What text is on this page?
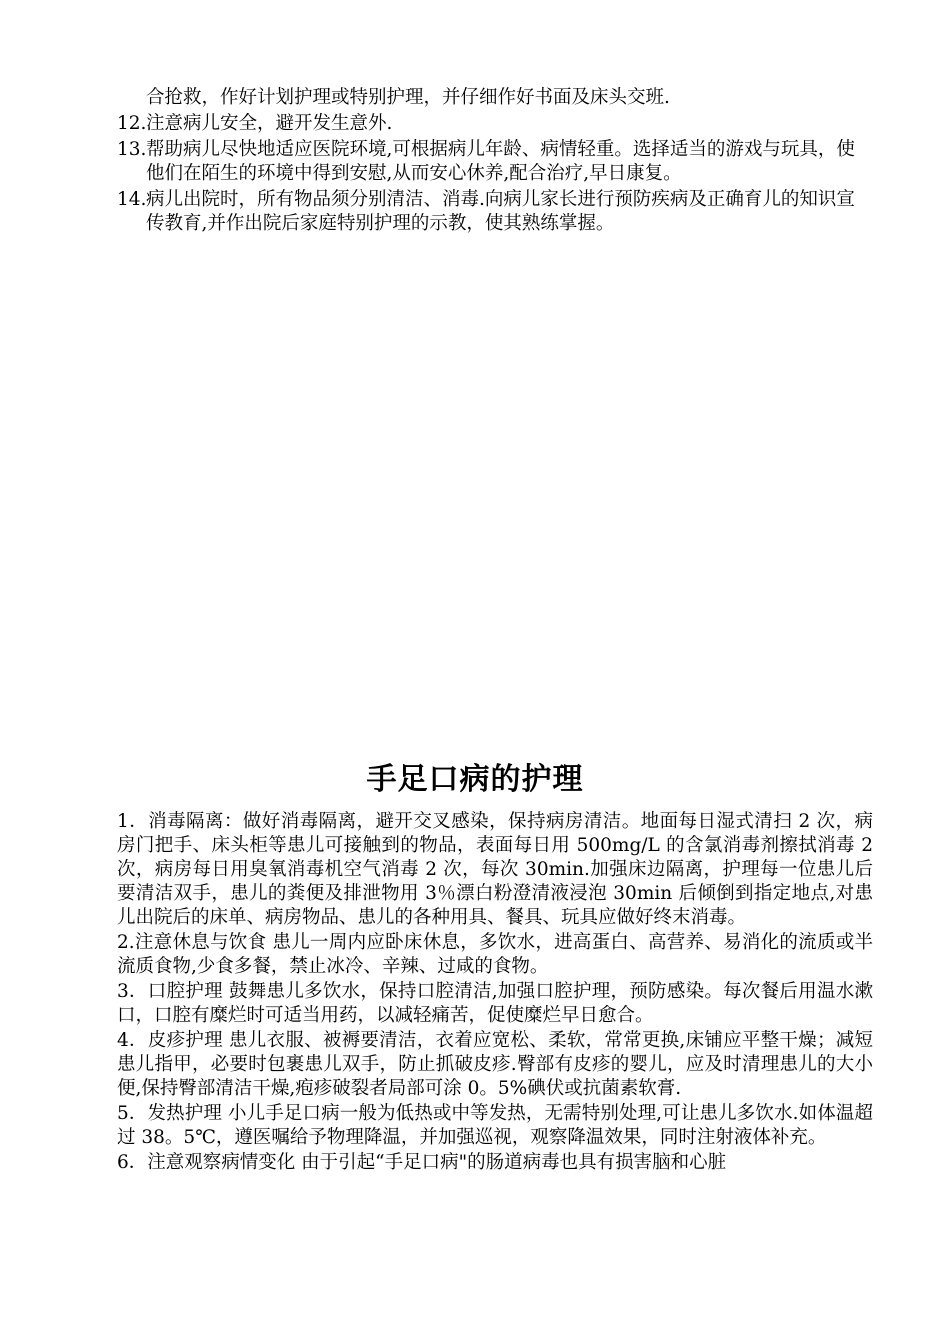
合抢救，作好计划护理或特别护理，并仔细作好书面及床头交班.
12. 注意病儿安全，避开发生意外.
13. 帮助病儿尽快地适应医院环境,可根据病儿年龄、病情轻重。选择适当的游戏与玩具，使他们在陌生的环境中得到安慰,从而安心休养,配合治疗,早日康复。
14. 病儿出院时，所有物品须分别清洁、消毒.向病儿家长进行预防疾病及正确育儿的知识宣传教育,并作出院后家庭特别护理的示教，使其熟练掌握。
手足口病的护理

1．消毒隔离：做好消毒隔离，避开交叉感染，保持病房清洁。地面每日湿式清扫 2 次，病房门把手、床头柜等患儿可接触到的物品，表面每日用 500mg/L 的含氯消毒剂擦拭消毒 2 次，病房每日用臭氧消毒机空气消毒 2 次，每次 30min.加强床边隔离，护理每一位患儿后要清洁双手，患儿的粪便及排泄物用 3％漂白粉澄清液浸泡 30min 后倾倒到指定地点,对患儿出院后的床单、病房物品、患儿的各种用具、餐具、玩具应做好终末消毒。

2.注意休息与饮食 患儿一周内应卧床休息，多饮水，进高蛋白、高营养、易消化的流质或半流质食物,少食多餐，禁止冰冷、辛辣、过咸的食物。

3．口腔护理 鼓舞患儿多饮水，保持口腔清洁,加强口腔护理，预防感染。每次餐后用温水漱口，口腔有糜烂时可适当用药，以减轻痛苦，促使糜烂早日愈合。

4．皮疹护理 患儿衣服、被褥要清洁，衣着应宽松、柔软，常常更换,床铺应平整干燥；减短患儿指甲，必要时包裹患儿双手，防止抓破皮疹.臀部有皮疹的婴儿，应及时清理患儿的大小便,保持臀部清洁干燥,疱疹破裂者局部可涂 0。5%碘伏或抗菌素软膏.

5．发热护理 小儿手足口病一般为低热或中等发热，无需特别处理,可让患儿多饮水.如体温超过 38。5℃，遵医嘱给予物理降温，并加强巡视，观察降温效果，同时注射液体补充。

6．注意观察病情变化 由于引起“手足口病"的肠道病毒也具有损害脑和心脏
